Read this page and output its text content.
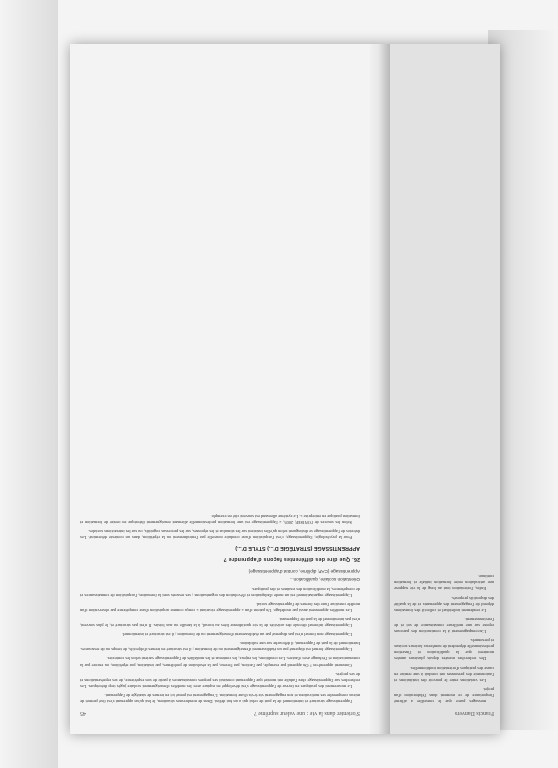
S'orienter dans la vie : une valeur suprême ?
45	Francis Danvers

l'apprentissage structuré et intentionnel de la part de celui qui a un but défini. Dans de nombreuses situations, le but qu'un apprenant s'est fixé permet de mieux comprendre ses motivations et son engagement vis-à-vis d'une formation. L'engagement est pensé ici en termes de stratégie de l'apprenant.

Le mouvement des pratiques en faveur de l'apprentissage s'est développé en rupture avec les modèles d'enseignement scolaire jugés trop théoriques. Les recherches sur l'apprentissage chez l'adulte ont montré que l'apprenant construit ses propres connaissances à partir de son expérience, de ses représentations et de ses projets.

Comment apprend-on ? On apprend par exemple, par l'action, par l'erreur, par la résolution de problèmes, par imitation, par répétition, ou encore par la communication et l'échange avec d'autres. Les conditions, les enjeux, les contenus et les modalités de l'apprentissage varient selon les contextes.

L'apprentissage formel est dispensé par un établissement d'enseignement ou de formation ; il est structuré en termes d'objectifs, de temps ou de ressources. Intentionnel de la part de l'apprenant, il débouche sur une validation.

L'apprentissage non formel n'est pas dispensé par un établissement d'enseignement ou de formation ; il est structuré et intentionnel.

L'apprentissage informel découle des activités de la vie quotidienne liées au travail, à la famille ou aux loisirs. Il n'est pas structuré et, le plus souvent, n'est pas intentionnel de la part de l'apprenant.

Les modèles apprennent aussi par modelage. Un patron d'un « apprentissage vicariant » conçu comme acquisition d'une compétence par observation d'un modèle constitue l'une des formes de l'apprentissage social.

L'apprentissage organisationnel est un mode d'adaptation et d'évolution des organisations ; ses ressorts sont la formation, l'acquisition de connaissances et de compétences, la modification des routines et des pratiques.

Orientation scolaire, qualification...
Apprentissage (CAP, diplôme, contrat d'apprentissage)
26. Que dire des différentes façons d'apprendre ?
APPRENTISSAGE (STRATÉGIE D'...) STYLE D'...)

Pour la psychologie, l'apprentissage, c'est l'acquisition d'une conduite nouvelle par l'entraînement ou la répétition, dans un contexte déterminé. Les théories de l'apprentissage se distinguent selon qu'elles insistent sur les stimulus et les réponses, sur les processus cognitifs, ou sur les interactions sociales.

Selon les sources de l'ONISEP, 2005, « l'apprentissage est une formation professionnelle alternant enseignement théorique en centre de formation et formation pratique en entreprise ». Le système allemand est souvent cité en exemple.

messages parce que le conseiller a affirmé l'importance de ce moment dans l'élaboration d'un projet.

Les variations entre le pouvoir des institutions et l'autonomie des personnes ont conduit à une remise en cause des pratiques d'orientation traditionnelles.

Des recherches menées depuis plusieurs années montrent que la qualification et l'insertion professionnelle dépendent de nombreux facteurs sociaux et personnels.

L'accompagnement à la construction des parcours repose sur une meilleure connaissance de soi et de l'environnement.

Le rendement individuel et collectif des formations dépend de l'engagement des apprenants et de la qualité des dispositifs proposés.

Enfin, l'orientation tout au long de la vie suppose une articulation entre formation initiale et formation continue.
